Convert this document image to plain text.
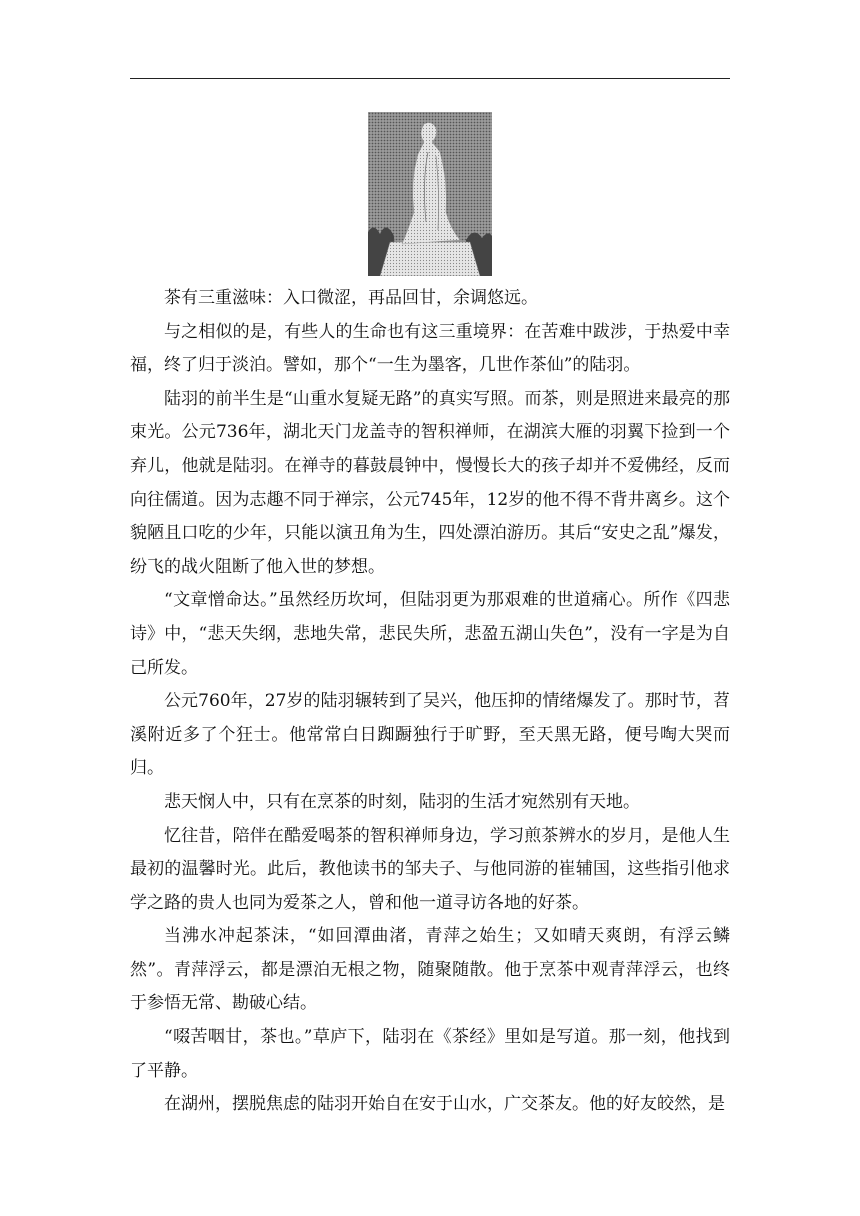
茶有三重滋味：入口微涩，再品回甘，余调悠远。

与之相似的是，有些人的生命也有这三重境界：在苦难中跋涉，于热爱中幸福，终了归于淡泊。譬如，那个“一生为墨客，几世作茶仙”的陆羽。

陆羽的前半生是“山重水复疑无路”的真实写照。而茶，则是照进来最亮的那束光。公元736年，湖北天门龙盖寺的智积禅师，在湖滨大雁的羽翼下捡到一个弃儿，他就是陆羽。在禅寺的暮鼓晨钟中，慢慢长大的孩子却并不爱佛经，反而向往儒道。因为志趣不同于禅宗，公元745年，12岁的他不得不背井离乡。这个貌陋且口吃的少年，只能以演丑角为生，四处漂泊游历。其后“安史之乱”爆发，纷飞的战火阻断了他入世的梦想。

“文章憎命达。”虽然经历坎坷，但陆羽更为那艰难的世道痛心。所作《四悲诗》中，“悲天失纲，悲地失常，悲民失所，悲盈五湖山失色”，没有一字是为自己所发。

公元760年，27岁的陆羽辗转到了吴兴，他压抑的情绪爆发了。那时节，苕溪附近多了个狂士。他常常白日踟蹰独行于旷野，至天黑无路，便号啕大哭而归。

悲天悯人中，只有在烹茶的时刻，陆羽的生活才宛然别有天地。

忆往昔，陪伴在酷爱喝茶的智积禅师身边，学习煎茶辨水的岁月，是他人生最初的温馨时光。此后，教他读书的邹夫子、与他同游的崔辅国，这些指引他求学之路的贵人也同为爱茶之人，曾和他一道寻访各地的好茶。

当沸水冲起茶沫，“如回潭曲渚，青萍之始生；又如晴天爽朗，有浮云鳞然”。青萍浮云，都是漂泊无根之物，随聚随散。他于烹茶中观青萍浮云，也终于参悟无常、勘破心结。

“啜苦咽甘，茶也。”草庐下，陆羽在《茶经》里如是写道。那一刻，他找到了平静。

在湖州，摆脱焦虑的陆羽开始自在安于山水，广交茶友。他的好友皎然，是
